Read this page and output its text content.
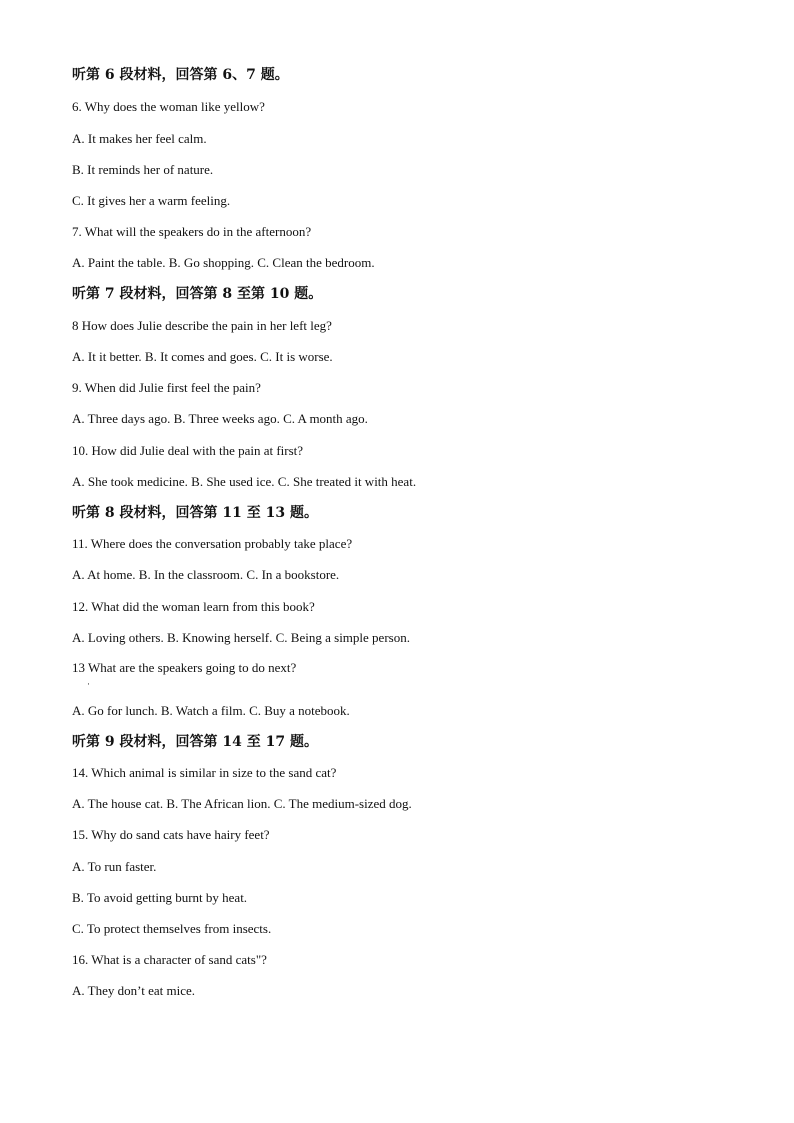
听第 6 段材料，回答第 6、7 题。
6. Why does the woman like yellow?
A. It makes her feel calm.
B. It reminds her of nature.
C. It gives her a warm feeling.
7. What will the speakers do in the afternoon?
A. Paint the table. B. Go shopping. C. Clean the bedroom.
听第 7 段材料，回答第 8 至第 10 题。
8 How does Julie describe the pain in her left leg?
A. It it better. B. It comes and goes. C. It is worse.
9. When did Julie first feel the pain?
A. Three days ago. B. Three weeks ago. C. A month ago.
10. How did Julie deal with the pain at first?
A. She took medicine. B. She used ice. C. She treated it with heat.
听第 8 段材料，回答第 11 至 13 题。
11. Where does the conversation probably take place?
A. At home. B. In the classroom. C. In a bookstore.
12. What did the woman learn from this book?
A. Loving others. B. Knowing herself. C. Being a simple person.
13 What are the speakers going to do next?
·
A. Go for lunch. B. Watch a film. C. Buy a notebook.
听第 9 段材料，回答第 14 至 17 题。
14. Which animal is similar in size to the sand cat?
A. The house cat. B. The African lion. C. The medium-sized dog.
15. Why do sand cats have hairy feet?
A. To run faster.
B. To avoid getting burnt by heat.
C. To protect themselves from insects.
16. What is a character of sand cats"?
A. They don’t eat mice.
